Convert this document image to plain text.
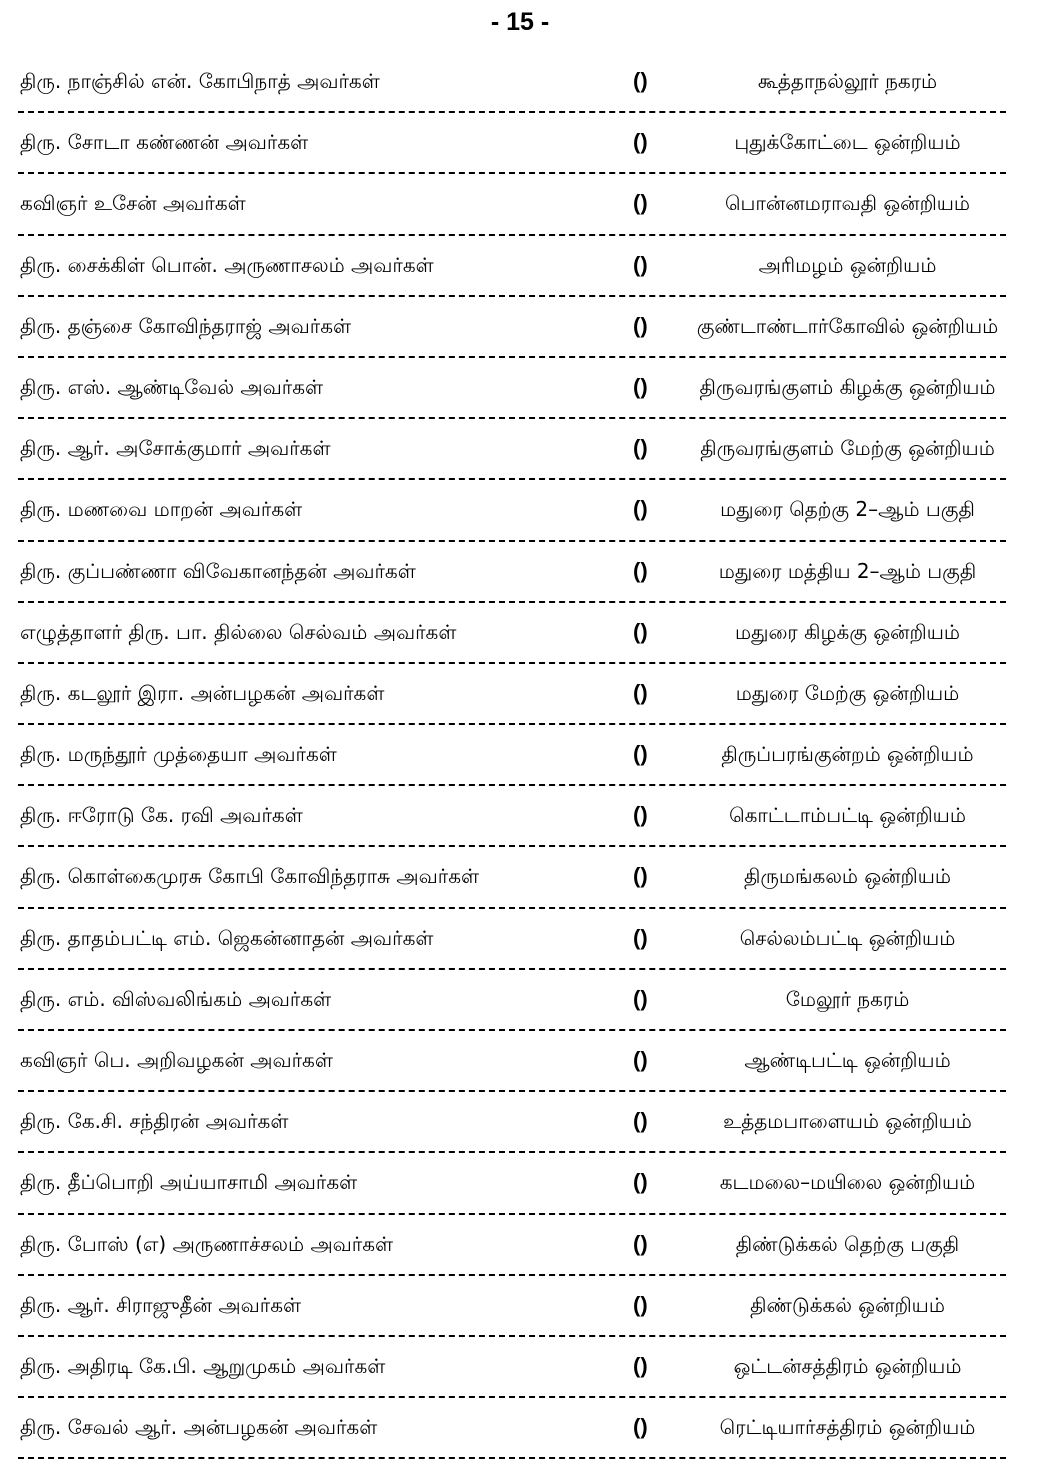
- 15 -
திரு. நாஞ்சில் என். கோபிநாத் அவர்கள்	()	கூத்தாநல்லூர் நகரம்
திரு. சோடா கண்ணன் அவர்கள்	()	புதுக்கோட்டை ஒன்றியம்
கவிஞர் உசேன் அவர்கள்	()	பொன்னமராவதி ஒன்றியம்
திரு. சைக்கிள் பொன். அருணாசலம் அவர்கள்	()	அரிமழம் ஒன்றியம்
திரு. தஞ்சை கோவிந்தராஜ் அவர்கள்	()	குண்டாண்டார்கோவில் ஒன்றியம்
திரு. எஸ். ஆண்டிவேல் அவர்கள்	()	திருவரங்குளம் கிழக்கு ஒன்றியம்
திரு. ஆர். அசோக்குமார் அவர்கள்	()	திருவரங்குளம் மேற்கு ஒன்றியம்
திரு. மணவை மாறன் அவர்கள்	()	மதுரை தெற்கு 2–ஆம் பகுதி
திரு. குப்பண்ணா விவேகானந்தன் அவர்கள்	()	மதுரை மத்திய 2–ஆம் பகுதி
எழுத்தாளர் திரு. பா. தில்லை செல்வம் அவர்கள்	()	மதுரை கிழக்கு ஒன்றியம்
திரு. கடலூர் இரா. அன்பழகன் அவர்கள்	()	மதுரை மேற்கு ஒன்றியம்
திரு. மருந்தூர் முத்தையா அவர்கள்	()	திருப்பரங்குன்றம் ஒன்றியம்
திரு. ஈரோடு கே. ரவி அவர்கள்	()	கொட்டாம்பட்டி ஒன்றியம்
திரு. கொள்கைமுரசு கோபி கோவிந்தராசு அவர்கள்	()	திருமங்கலம் ஒன்றியம்
திரு. தாதம்பட்டி எம். ஜெகன்னாதன் அவர்கள்	()	செல்லம்பட்டி ஒன்றியம்
திரு. எம். விஸ்வலிங்கம் அவர்கள்	()	மேலூர் நகரம்
கவிஞர் பெ. அறிவழகன் அவர்கள்	()	ஆண்டிபட்டி ஒன்றியம்
திரு. கே.சி. சந்திரன் அவர்கள்	()	உத்தமபாளையம் ஒன்றியம்
திரு. தீப்பொறி அய்யாசாமி அவர்கள்	()	கடமலை–மயிலை ஒன்றியம்
திரு. போஸ் (எ) அருணாச்சலம் அவர்கள்	()	திண்டுக்கல் தெற்கு பகுதி
திரு. ஆர். சிராஜுதீன் அவர்கள்	()	திண்டுக்கல் ஒன்றியம்
திரு. அதிரடி கே.பி. ஆறுமுகம் அவர்கள்	()	ஒட்டன்சத்திரம் ஒன்றியம்
திரு. சேவல் ஆர். அன்பழகன் அவர்கள்	()	ரெட்டியார்சத்திரம் ஒன்றியம்
